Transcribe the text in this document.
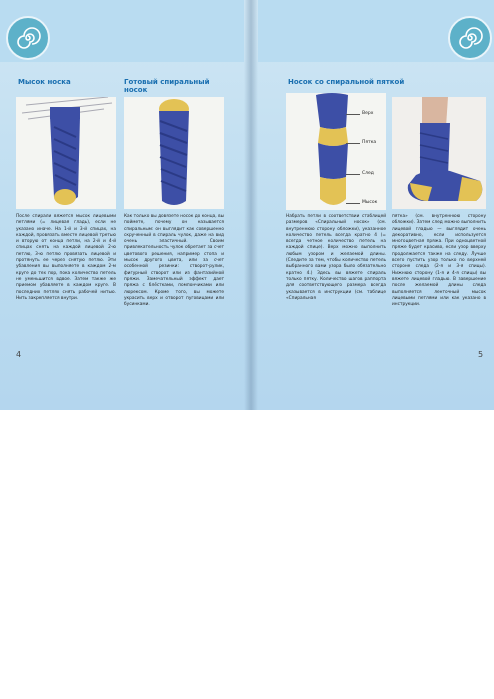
Мысок носка	Готовый спиральный носок
После спирали вяжется мысок лицевыми петлями (= лицевая гладь), если не указано иначе. На 1-й и 3-й спицах, на каждой, провязать вместе лицевой третью и вторую от конца петли, на 2-й и 4-й спицах снять на каждой лицевой 2-ю петлю, 3-ю петлю провязать лицевой и протянуть ее через снятую петлю. Эти убавления вы выполняете в каждом 2-м круге до тех пор, пока количество петель не уменьшится вдвое. Затем также же приемом убавляете в каждом круге. В последних петлях снять рабочей нитью. Нить закрепляется внутри.
Как только вы довязете носок до конца, вы поймете, почему он называется спиральным: он выглядит как совершенно скрученный в спираль чулок, даже на вид очень эластичный. Своим привлекательность чулок обретает за счет цветового решения, например стопа и мысок другого цвета, или за счет особенной резинки: створот-рулик, фигурный створот или из фантазийной пряжи. Замечательный эффект дает пряжа с блёстками, помпончиками или люрексом. Кроме того, вы можете украсить верх и отворот пуговицами или бусинками.
4
Носок со спиральной пяткой
Верх
Пятка
След
Мысок
Набрать петли в соответствии стаблицей размеров «Спиральный носок» (см. внутреннюю сторону обложки), указанное количество петель всегда кратно 4 (= всегда четное количество петель на каждой спице). Верх можно выполнить любым узором и желаемой длины. (Следите за тем, чтобы количество петель выбранного вами узора было обязательно кратно 4.) Здесь вы вяжете спираль только пятку. Количество шагов раппорта для соответствующего размера всегда указывается в инструкции (см. таблице «Спиральная
пятка» (см. внутреннюю сторону обложки). Затем след можно выполнить лицевой гладью — выглядит очень декоративно, если используется многоцветная пряжа. При одноцветной пряже будет красиво, если узор вверху продолжается также на следу. Лучше всего пустить узор только по верхней стороне следа (2-я и 3-я спицы). Нижнюю сторону (1-я и 4-я спицы) вы вяжете лицевой гладью. В завершение после желаемой длины следа выполняется ленточный мысок лицевыми петлями или как указано в инструкции.
5
